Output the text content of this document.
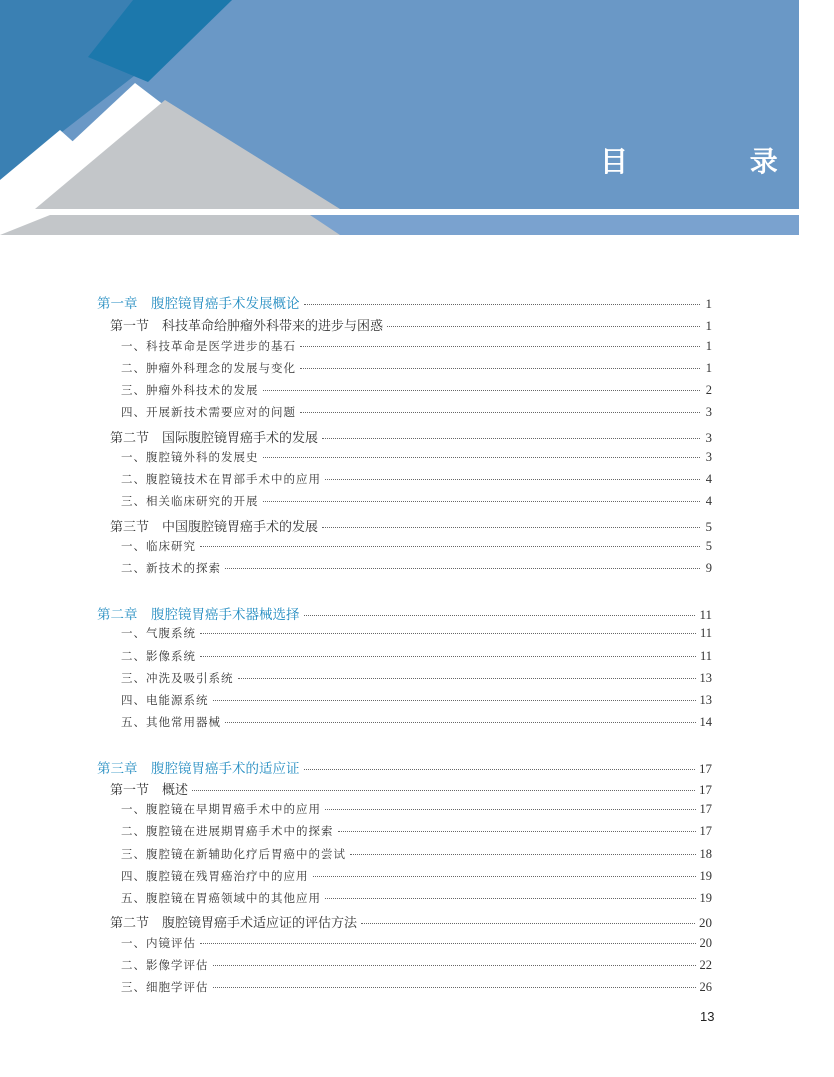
目 录
第一章　腹腔镜胃癌手术发展概论	1
第一节　科技革命给肿瘤外科带来的进步与困惑	1
一、科技革命是医学进步的基石	1
二、肿瘤外科理念的发展与变化	1
三、肿瘤外科技术的发展	2
四、开展新技术需要应对的问题	3
第二节　国际腹腔镜胃癌手术的发展	3
一、腹腔镜外科的发展史	3
二、腹腔镜技术在胃部手术中的应用	4
三、相关临床研究的开展	4
第三节　中国腹腔镜胃癌手术的发展	5
一、临床研究	5
二、新技术的探索	9
第二章　腹腔镜胃癌手术器械选择	11
一、气腹系统	11
二、影像系统	11
三、冲洗及吸引系统	13
四、电能源系统	13
五、其他常用器械	14
第三章　腹腔镜胃癌手术的适应证	17
第一节　概述	17
一、腹腔镜在早期胃癌手术中的应用	17
二、腹腔镜在进展期胃癌手术中的探索	17
三、腹腔镜在新辅助化疗后胃癌中的尝试	18
四、腹腔镜在残胃癌治疗中的应用	19
五、腹腔镜在胃癌领域中的其他应用	19
第二节　腹腔镜胃癌手术适应证的评估方法	20
一、内镜评估	20
二、影像学评估	22
三、细胞学评估	26
13
